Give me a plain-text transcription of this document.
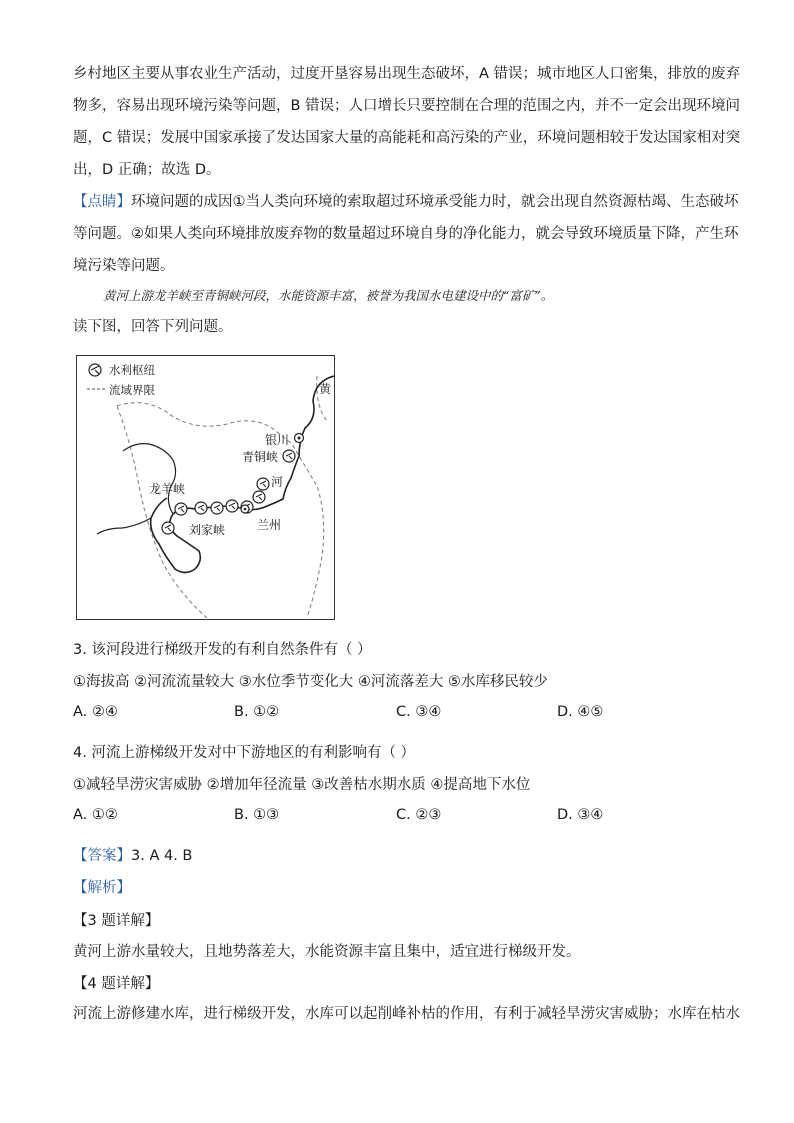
乡村地区主要从事农业生产活动，过度开垦容易出现生态破坏，A 错误；城市地区人口密集，排放的废弃
物多，容易出现环境污染等问题，B 错误；人口增长只要控制在合理的范围之内，并不一定会出现环境问
题，C 错误；发展中国家承接了发达国家大量的高能耗和高污染的产业，环境问题相较于发达国家相对突
出，D 正确；故选 D。
【点睛】环境问题的成因①当人类向环境的索取超过环境承受能力时，就会出现自然资源枯竭、生态破坏
等问题。②如果人类向环境排放废弃物的数量超过环境自身的净化能力，就会导致环境质量下降，产生环
境污染等问题。
黄河上游龙羊峡至青铜峡河段，水能资源丰富，被誉为我国水电建设中的“富矿”。
读下图，回答下列问题。
水利枢纽
流域界限	黄
银川
青铜峡
河
龙羊峡
兰州
刘家峡
3. 该河段进行梯级开发的有利自然条件有（ ）
①海拔高 ②河流流量较大 ③水位季节变化大 ④河流落差大 ⑤水库移民较少
A. ②④	B. ①②	C. ③④	D. ④⑤
4. 河流上游梯级开发对中下游地区的有利影响有（ ）
①减轻旱涝灾害威胁 ②增加年径流量 ③改善枯水期水质 ④提高地下水位
A. ①②	B. ①③	C. ②③	D. ③④
【答案】3. A 4. B
【解析】
【3 题详解】
黄河上游水量较大，且地势落差大，水能资源丰富且集中，适宜进行梯级开发。
【4 题详解】
河流上游修建水库，进行梯级开发，水库可以起削峰补枯的作用，有利于减轻旱涝灾害威胁；水库在枯水
